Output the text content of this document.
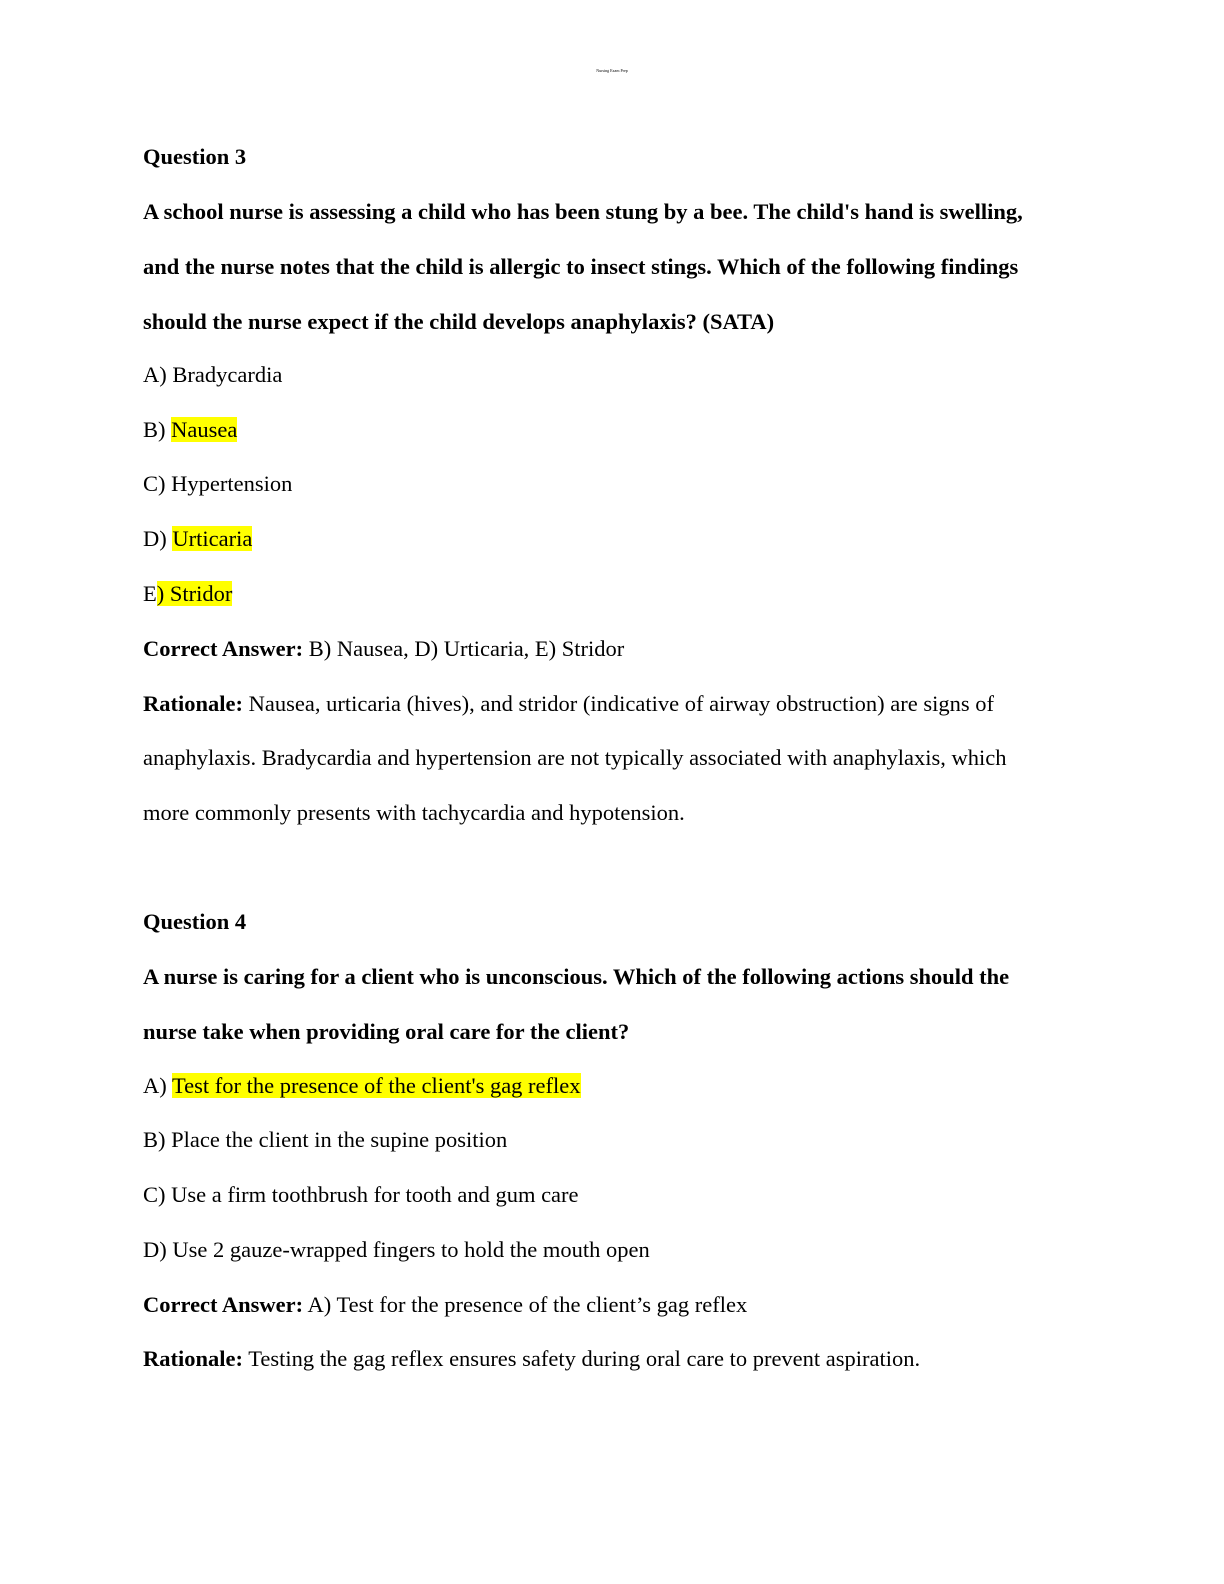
Nursing Exam Prep
Question 3
A school nurse is assessing a child who has been stung by a bee. The child's hand is swelling,
and the nurse notes that the child is allergic to insect stings. Which of the following findings
should the nurse expect if the child develops anaphylaxis? (SATA)
A) Bradycardia
B) Nausea
C) Hypertension
D) Urticaria
E) Stridor
Correct Answer: B) Nausea, D) Urticaria, E) Stridor
Rationale: Nausea, urticaria (hives), and stridor (indicative of airway obstruction) are signs of
anaphylaxis. Bradycardia and hypertension are not typically associated with anaphylaxis, which
more commonly presents with tachycardia and hypotension.
Question 4
A nurse is caring for a client who is unconscious. Which of the following actions should the
nurse take when providing oral care for the client?
A) Test for the presence of the client's gag reflex
B) Place the client in the supine position
C) Use a firm toothbrush for tooth and gum care
D) Use 2 gauze-wrapped fingers to hold the mouth open
Correct Answer: A) Test for the presence of the client’s gag reflex
Rationale: Testing the gag reflex ensures safety during oral care to prevent aspiration.
